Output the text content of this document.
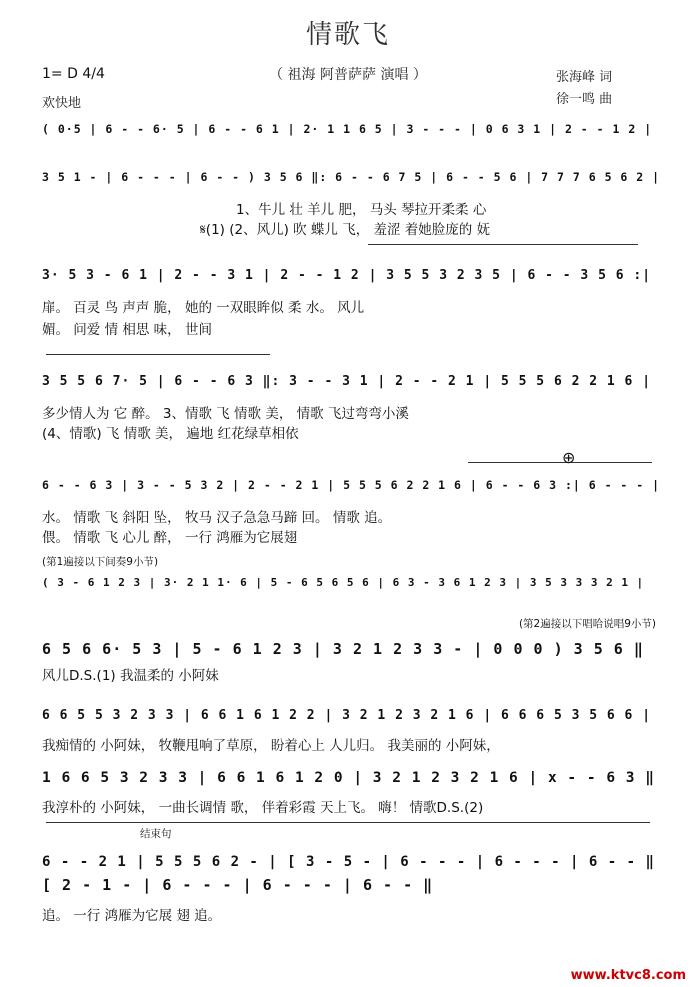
情歌飞
（ 祖海 阿普萨萨 演唱 ）
1= D 4/4
欢快地
张海峰 词
徐一鸣 曲
( 0·5 | 6 - - 6· 5 | 6 - - 6 1 | 2· 1 1 6 5 | 3 - - - | 0 6 3 1 | 2 - - 1 2 |
3 5 1 - | 6 - - - | 6 - - ) 3 5 6 ‖: 6 - - 6 7 5 | 6 - - 5 6 | 7 7 7 6 5 6 2 |
1、牛儿 壮 羊儿 肥， 马头 琴拉开柔柔 心
𝄋(1) (2、风儿) 吹 蝶儿 飞， 羞涩 着她脸庞的 妩
3· 5 3 - 6 1 | 2 - - 3 1 | 2 - - 1 2 | 3 5 5 3 2 3 5 | 6 - - 3 5 6 :|
扉。 百灵 鸟 声声 脆， 她的 一双眼眸似 柔 水。 风儿
媚。 问爱 情 相思 味， 世间
3 5 5 6 7· 5 | 6 - - 6 3 ‖: 3 - - 3 1 | 2 - - 2 1 | 5 5 5 6 2 2 1 6 |
多少情人为 它 醉。 3、情歌 飞 情歌 美， 情歌 飞过弯弯小溪
(4、情歌) 飞 情歌 美， 遍地 红花绿草相依
⊕
6 - - 6 3 | 3 - - 5 3 2 | 2 - - 2 1 | 5 5 5 6 2 2 1 6 | 6 - - 6 3 :| 6 - - - |
水。 情歌 飞 斜阳 坠， 牧马 汉子急急马蹄 回。 情歌 追。
偎。 情歌 飞 心儿 醉， 一行 鸿雁为它展翅
(第1遍接以下间奏9小节)
( 3 - 6 1 2 3 | 3· 2 1 1· 6 | 5 - 6 5 6 5 6 | 6 3 - 3 6 1 2 3 | 3 5 3 3 3 2 1 |
(第2遍接以下唱哈说唱9小节)
6 5 6 6· 5 3 | 5 - 6 1 2 3 | 3 2 1 2 3 3 - | 0 0 0 ) 3 5 6 ‖
风儿D.S.(1) 我温柔的 小阿妹
6 6 5 5 3 2 3 3 | 6 6 1 6 1 2 2 | 3 2 1 2 3 2 1 6 | 6 6 6 5 3 5 6 6 |
我痴情的 小阿妹， 牧鞭甩响了草原， 盼着心上 人儿归。 我美丽的 小阿妹，
1 6 6 5 3 2 3 3 | 6 6 1 6 1 2 0 | 3 2 1 2 3 2 1 6 | x - - 6 3 ‖
我淳朴的 小阿妹， 一曲长调情 歌， 伴着彩霞 天上飞。 嗨！ 情歌D.S.(2)
结束句
6 - - 2 1 | 5 5 5 6 2 - | [ 3 - 5 - | 6 - - - | 6 - - - | 6 - - ‖
[ 2 - 1 - | 6 - - - | 6 - - - | 6 - - ‖
追。 一行 鸿雁为它展 翅 追。
www.ktvc8.com
